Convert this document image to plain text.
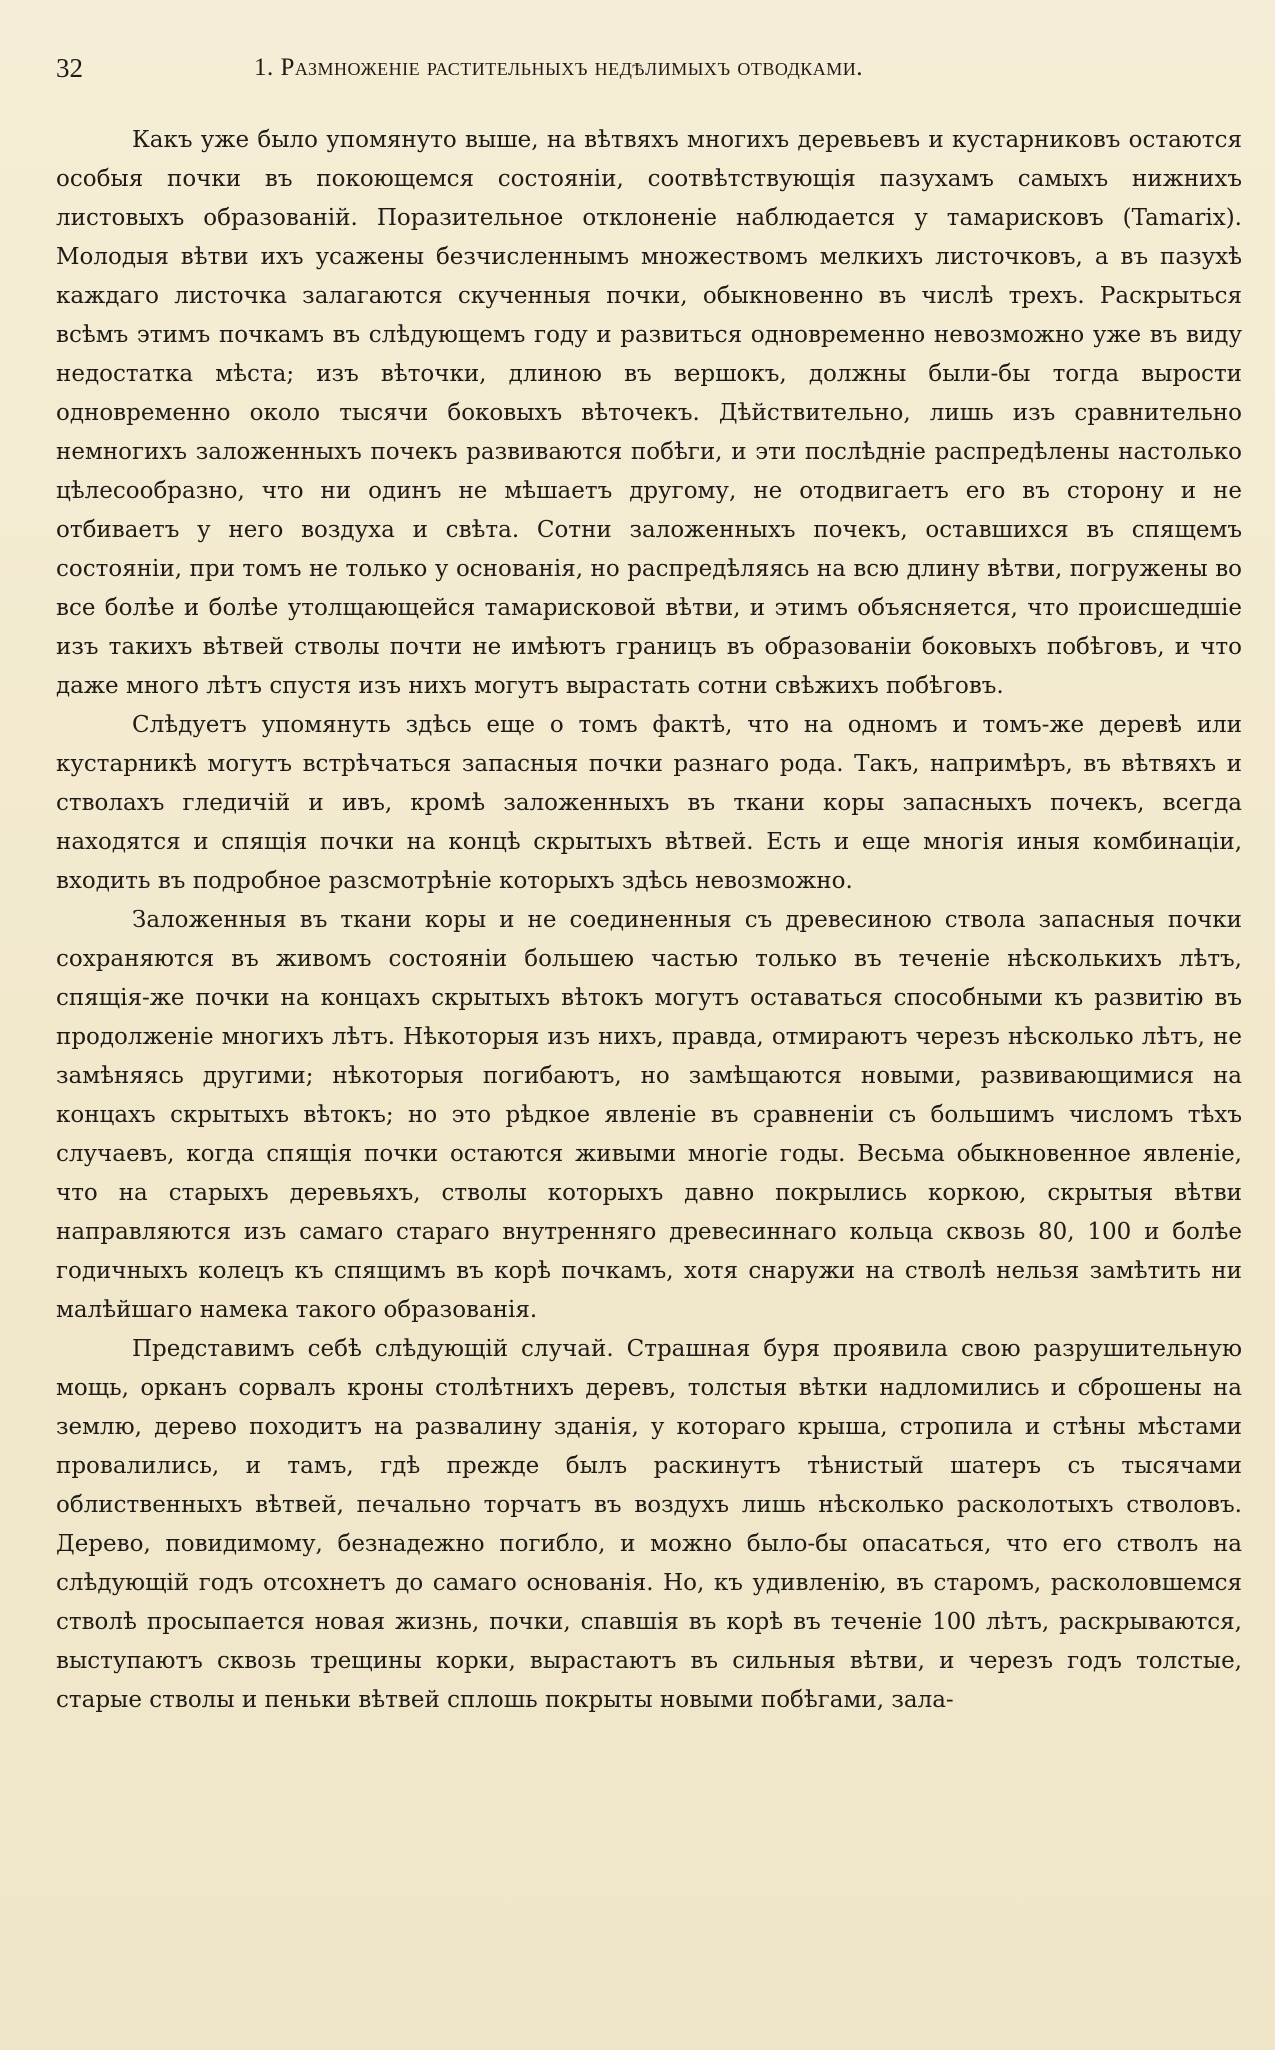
32	1. Размноженіе растительныхъ недѣлимыхъ отводками.

Какъ уже было упомянуто выше, на вѣтвяхъ многихъ деревьевъ и кустарниковъ остаются особыя почки въ покоющемся состояніи, соотвѣтствующія пазухамъ самыхъ нижнихъ листовыхъ образованій. Поразительное отклоненіе наблюдается у тамарисковъ (Tamarix). Молодыя вѣтви ихъ усажены безчисленнымъ множествомъ мелкихъ листочковъ, а въ пазухѣ каждаго листочка залагаются скученныя почки, обыкновенно въ числѣ трехъ. Раскрыться всѣмъ этимъ почкамъ въ слѣдующемъ году и развиться одновременно невозможно уже въ виду недостатка мѣста; изъ вѣточки, длиною въ вершокъ, должны были-бы тогда вырости одновременно около тысячи боковыхъ вѣточекъ. Дѣйствительно, лишь изъ сравнительно немногихъ заложенныхъ почекъ развиваются побѣги, и эти послѣдніе распредѣлены настолько цѣлесообразно, что ни одинъ не мѣшаетъ другому, не отодвигаетъ его въ сторону и не отбиваетъ у него воздуха и свѣта. Сотни заложенныхъ почекъ, оставшихся въ спящемъ состояніи, при томъ не только у основанія, но распредѣляясь на всю длину вѣтви, погружены во все болѣе и болѣе утолщающейся тамарисковой вѣтви, и этимъ объясняется, что происшедшіе изъ такихъ вѣтвей стволы почти не имѣютъ границъ въ образованіи боковыхъ побѣговъ, и что даже много лѣтъ спустя изъ нихъ могутъ вырастать сотни свѣжихъ побѣговъ.

Слѣдуетъ упомянуть здѣсь еще о томъ фактѣ, что на одномъ и томъ-же деревѣ или кустарникѣ могутъ встрѣчаться запасныя почки разнаго рода. Такъ, напримѣръ, въ вѣтвяхъ и стволахъ гледичій и ивъ, кромѣ заложенныхъ въ ткани коры запасныхъ почекъ, всегда находятся и спящія почки на концѣ скрытыхъ вѣтвей. Есть и еще многія иныя комбинаціи, входить въ подробное разсмотрѣніе которыхъ здѣсь невозможно.

Заложенныя въ ткани коры и не соединенныя съ древесиною ствола запасныя почки сохраняются въ живомъ состояніи большею частью только въ теченіе нѣсколькихъ лѣтъ, спящія-же почки на концахъ скрытыхъ вѣтокъ могутъ оставаться способными къ развитію въ продолженіе многихъ лѣтъ. Нѣкоторыя изъ нихъ, правда, отмираютъ черезъ нѣсколько лѣтъ, не замѣняясь другими; нѣкоторыя погибаютъ, но замѣщаются новыми, развивающимися на концахъ скрытыхъ вѣтокъ; но это рѣдкое явленіе въ сравненіи съ большимъ числомъ тѣхъ случаевъ, когда спящія почки остаются живыми многіе годы. Весьма обыкновенное явленіе, что на старыхъ деревьяхъ, стволы которыхъ давно покрылись коркою, скрытыя вѣтви направляются изъ самаго стараго внутренняго древесиннаго кольца сквозь 80, 100 и болѣе годичныхъ колецъ къ спящимъ въ корѣ почкамъ, хотя снаружи на стволѣ нельзя замѣтить ни малѣйшаго намека такого образованія.

Представимъ себѣ слѣдующій случай. Страшная буря проявила свою разрушительную мощь, орканъ сорвалъ кроны столѣтнихъ деревъ, толстыя вѣтки надломились и сброшены на землю, дерево походитъ на развалину зданія, у котораго крыша, стропила и стѣны мѣстами провалились, и тамъ, гдѣ прежде былъ раскинутъ тѣнистый шатеръ съ тысячами облиственныхъ вѣтвей, печально торчатъ въ воздухъ лишь нѣсколько расколотыхъ стволовъ. Дерево, повидимому, безнадежно погибло, и можно было-бы опасаться, что его стволъ на слѣдующій годъ отсохнетъ до самаго основанія. Но, къ удивленію, въ старомъ, расколовшемся стволѣ просыпается новая жизнь, почки, спавшія въ корѣ въ теченіе 100 лѣтъ, раскрываются, выступаютъ сквозь трещины корки, вырастаютъ въ сильныя вѣтви, и черезъ годъ толстые, старые стволы и пеньки вѣтвей сплошь покрыты новыми побѣгами, зала-
